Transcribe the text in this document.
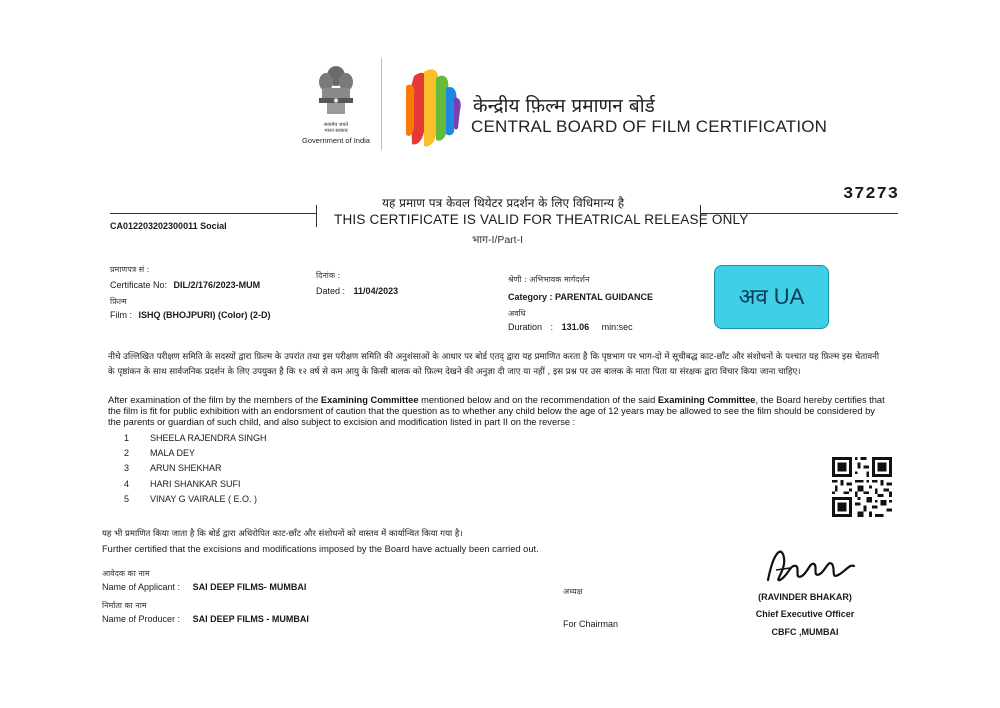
सत्यमेव जयते
भारत सरकार
Government of India
केन्द्रीय फ़िल्म प्रमाणन बोर्ड
CENTRAL BOARD OF FILM CERTIFICATION
37273
यह प्रमाण पत्र केवल थियेटर प्रदर्शन के लिए विधिमान्य है
THIS CERTIFICATE IS VALID FOR THEATRICAL RELEASE ONLY
भाग-I/Part-I
CA012203202300011 Social
प्रमाणपत्र सं :
Certificate No: DIL/2/176/2023-MUM
फ़िल्म
Film : ISHQ (BHOJPURI) (Color) (2-D)
दिनांक :
Dated : 11/04/2023
श्रेणी : अभिभावक मार्गदर्शन
Category : PARENTAL GUIDANCE
अवधि
Duration : 131.06 min:sec
अव UA
नीचे उल्लिखित परीक्षण समिति के सदस्यों द्वारा फ़िल्म के उपरांत तथा इस परीक्षण समिति की अनुशंसाओं के आधार पर बोर्ड एतद् द्वारा यह प्रमाणित करता है कि पृष्ठभाग पर भाग-दो में सूचीबद्ध काट-छाँट और संशोधनों के पश्चात यह फ़िल्म इस चेतावनी के पृष्ठांकन के साथ सार्वजनिक प्रदर्शन के लिए उपयुक्त है कि १२ वर्ष से कम आयु के किसी बालक को फ़िल्म देखने की अनुज्ञा दी जाए या नहीं , इस प्रश्न पर उस बालक के माता पिता या संरक्षक द्वारा विचार किया जाना चाहिए।
After examination of the film by the members of the Examining Committee mentioned below and on the recommendation of the said Examining Committee, the Board hereby certifies that the film is fit for public exhibition with an endorsment of caution that the question as to whether any child below the age of 12 years may be allowed to see the film should be considered by the parents or guardian of such child, and also subject to excision and modification listed in part II on the reverse :
1 SHEELA RAJENDRA SINGH
2 MALA DEY
3 ARUN SHEKHAR
4 HARI SHANKAR SUFI
5 VINAY G VAIRALE ( E.O. )
यह भी प्रमाणित किया जाता है कि बोर्ड द्वारा अधिरोपित काट-छाँट और संशोधनों को वास्तव में कार्यान्वित किया गया है।
Further certified that the excisions and modifications imposed by the Board have actually been carried out.
आवेदक का नाम
Name of Applicant : SAI DEEP FILMS- MUMBAI
निर्माता का नाम
Name of Producer : SAI DEEP FILMS - MUMBAI
अध्यक्ष
For Chairman
(RAVINDER BHAKAR)
Chief Executive Officer
CBFC ,MUMBAI
